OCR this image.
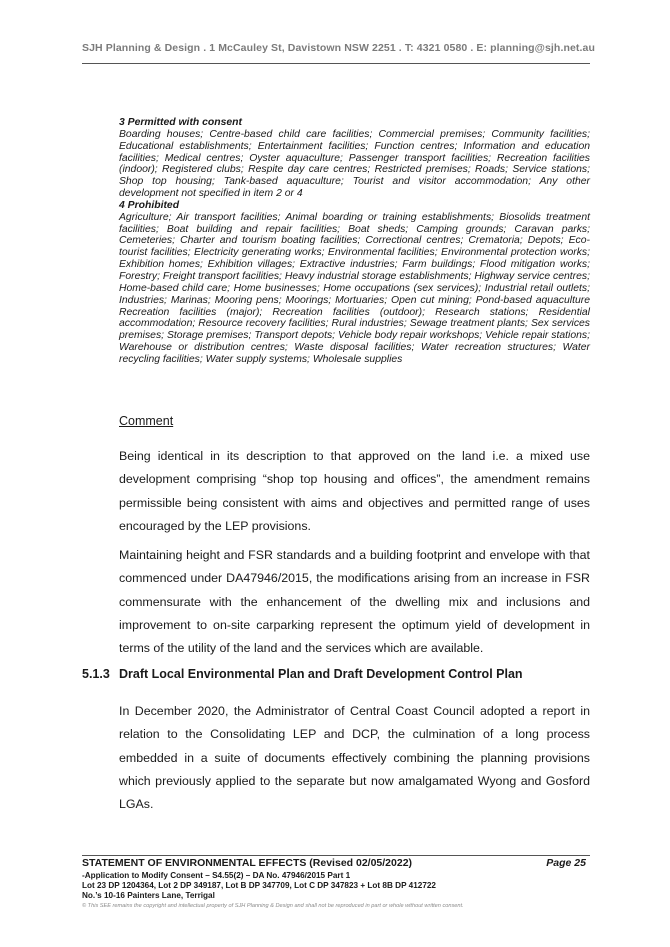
SJH Planning & Design . 1 McCauley St, Davistown NSW 2251 . T: 4321 0580 . E: planning@sjh.net.au
3 Permitted with consent

Boarding houses; Centre-based child care facilities; Commercial premises; Community facilities; Educational establishments; Entertainment facilities; Function centres; Information and education facilities; Medical centres; Oyster aquaculture; Passenger transport facilities; Recreation facilities (indoor); Registered clubs; Respite day care centres; Restricted premises; Roads; Service stations; Shop top housing; Tank-based aquaculture; Tourist and visitor accommodation; Any other development not specified in item 2 or 4

4 Prohibited

Agriculture; Air transport facilities; Animal boarding or training establishments; Biosolids treatment facilities; Boat building and repair facilities; Boat sheds; Camping grounds; Caravan parks; Cemeteries; Charter and tourism boating facilities; Correctional centres; Crematoria; Depots; Eco-tourist facilities; Electricity generating works; Environmental facilities; Environmental protection works; Exhibition homes; Exhibition villages; Extractive industries; Farm buildings; Flood mitigation works; Forestry; Freight transport facilities; Heavy industrial storage establishments; Highway service centres; Home-based child care; Home businesses; Home occupations (sex services); Industrial retail outlets; Industries; Marinas; Mooring pens; Moorings; Mortuaries; Open cut mining; Pond-based aquaculture Recreation facilities (major); Recreation facilities (outdoor); Research stations; Residential accommodation; Resource recovery facilities; Rural industries; Sewage treatment plants; Sex services premises; Storage premises; Transport depots; Vehicle body repair workshops; Vehicle repair stations; Warehouse or distribution centres; Waste disposal facilities; Water recreation structures; Water recycling facilities; Water supply systems; Wholesale supplies

Comment

Being identical in its description to that approved on the land i.e. a mixed use development comprising “shop top housing and offices”, the amendment remains permissible being consistent with aims and objectives and permitted range of uses encouraged by the LEP provisions.

Maintaining height and FSR standards and a building footprint and envelope with that commenced under DA47946/2015, the modifications arising from an increase in FSR commensurate with the enhancement of the dwelling mix and inclusions and improvement to on-site carparking represent the optimum yield of development in terms of the utility of the land and the services which are available.

5.1.3 Draft Local Environmental Plan and Draft Development Control Plan

In December 2020, the Administrator of Central Coast Council adopted a report in relation to the Consolidating LEP and DCP, the culmination of a long process embedded in a suite of documents effectively combining the planning provisions which previously applied to the separate but now amalgamated Wyong and Gosford LGAs.

STATEMENT OF ENVIRONMENTAL EFFECTS (Revised 02/05/2022)	Page 25
-Application to Modify Consent – S4.55(2) – DA No. 47946/2015 Part 1
Lot 23 DP 1204364, Lot 2 DP 349187, Lot B DP 347709, Lot C DP 347823 + Lot 8B DP 412722
No.’s 10-16 Painters Lane, Terrigal
© This SEE remains the copyright and intellectual property of SJH Planning & Design and shall not be reproduced in part or whole without written consent.
